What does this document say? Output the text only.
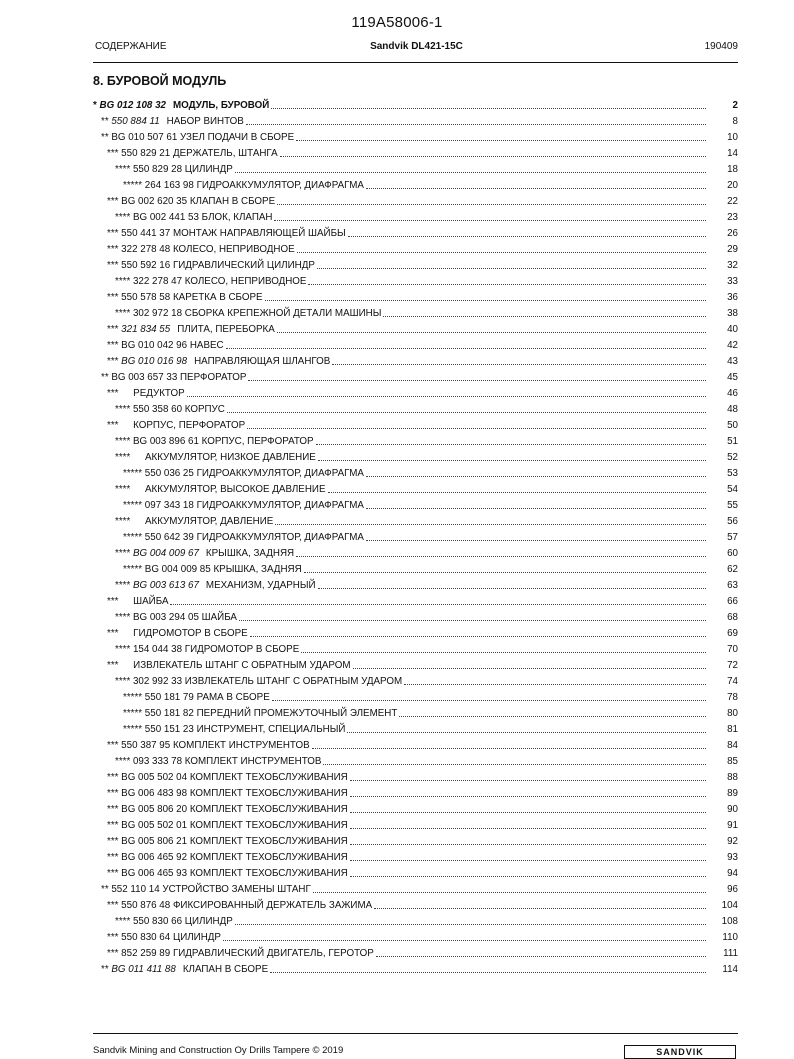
119A58006-1
СОДЕРЖАНИЕ	Sandvik DL421-15C	190409
8. БУРОВОЙ МОДУЛЬ
* BG 012 108 32 МОДУЛЬ, БУРОВОЙ	2
** 550 884 11 НАБОР ВИНТОВ	8
** BG 010 507 61 УЗЕЛ ПОДАЧИ В СБОРЕ	10
*** 550 829 21 ДЕРЖАТЕЛЬ, ШТАНГА	14
**** 550 829 28 ЦИЛИНДР	18
***** 264 163 98 ГИДРОАККУМУЛЯТОР, ДИАФРАГМА	20
*** BG 002 620 35 КЛАПАН В СБОРЕ	22
**** BG 002 441 53 БЛОК, КЛАПАН	23
*** 550 441 37 МОНТАЖ НАПРАВЛЯЮЩЕЙ ШАЙБЫ	26
*** 322 278 48 КОЛЕСО, НЕПРИВОДНОЕ	29
*** 550 592 16 ГИДРАВЛИЧЕСКИЙ ЦИЛИНДР	32
**** 322 278 47 КОЛЕСО, НЕПРИВОДНОЕ	33
*** 550 578 58 КАРЕТКА В СБОРЕ	36
**** 302 972 18 СБОРКА КРЕПЕЖНОЙ ДЕТАЛИ МАШИНЫ	38
*** 321 834 55 ПЛИТА, ПЕРЕБОРКА	40
*** BG 010 042 96 НАВЕС	42
*** BG 010 016 98 НАПРАВЛЯЮЩАЯ ШЛАНГОВ	43
** BG 003 657 33 ПЕРФОРАТОР	45
*** РЕДУКТОР	46
**** 550 358 60 КОРПУС	48
*** КОРПУС, ПЕРФОРАТОР	50
**** BG 003 896 61 КОРПУС, ПЕРФОРАТОР	51
**** АККУМУЛЯТОР, НИЗКОЕ ДАВЛЕНИЕ	52
***** 550 036 25 ГИДРОАККУМУЛЯТОР, ДИАФРАГМА	53
**** АККУМУЛЯТОР, ВЫСОКОЕ ДАВЛЕНИЕ	54
***** 097 343 18 ГИДРОАККУМУЛЯТОР, ДИАФРАГМА	55
**** АККУМУЛЯТОР, ДАВЛЕНИЕ	56
***** 550 642 39 ГИДРОАККУМУЛЯТОР, ДИАФРАГМА	57
**** BG 004 009 67 КРЫШКА, ЗАДНЯЯ	60
***** BG 004 009 85 КРЫШКА, ЗАДНЯЯ	62
**** BG 003 613 67 МЕХАНИЗМ, УДАРНЫЙ	63
*** ШАЙБА	66
**** BG 003 294 05 ШАЙБА	68
*** ГИДРОМОТОР В СБОРЕ	69
**** 154 044 38 ГИДРОМОТОР В СБОРЕ	70
*** ИЗВЛЕКАТЕЛЬ ШТАНГ С ОБРАТНЫМ УДАРОМ	72
**** 302 992 33 ИЗВЛЕКАТЕЛЬ ШТАНГ С ОБРАТНЫМ УДАРОМ	74
***** 550 181 79 РАМА В СБОРЕ	78
***** 550 181 82 ПЕРЕДНИЙ ПРОМЕЖУТОЧНЫЙ ЭЛЕМЕНТ	80
***** 550 151 23 ИНСТРУМЕНТ, СПЕЦИАЛЬНЫЙ	81
*** 550 387 95 КОМПЛЕКТ ИНСТРУМЕНТОВ	84
**** 093 333 78 КОМПЛЕКТ ИНСТРУМЕНТОВ	85
*** BG 005 502 04 КОМПЛЕКТ ТЕХОБСЛУЖИВАНИЯ	88
*** BG 006 483 98 КОМПЛЕКТ ТЕХОБСЛУЖИВАНИЯ	89
*** BG 005 806 20 КОМПЛЕКТ ТЕХОБСЛУЖИВАНИЯ	90
*** BG 005 502 01 КОМПЛЕКТ ТЕХОБСЛУЖИВАНИЯ	91
*** BG 005 806 21 КОМПЛЕКТ ТЕХОБСЛУЖИВАНИЯ	92
*** BG 006 465 92 КОМПЛЕКТ ТЕХОБСЛУЖИВАНИЯ	93
*** BG 006 465 93 КОМПЛЕКТ ТЕХОБСЛУЖИВАНИЯ	94
** 552 110 14 УСТРОЙСТВО ЗАМЕНЫ ШТАНГ	96
*** 550 876 48 ФИКСИРОВАННЫЙ ДЕРЖАТЕЛЬ ЗАЖИМА	104
**** 550 830 66 ЦИЛИНДР	108
*** 550 830 64 ЦИЛИНДР	110
*** 852 259 89 ГИДРАВЛИЧЕСКИЙ ДВИГАТЕЛЬ, ГЕРОТОР	111
** BG 011 411 88 КЛАПАН В СБОРЕ	114
Sandvik Mining and Construction Oy Drills Tampere © 2019	SANDVIK
